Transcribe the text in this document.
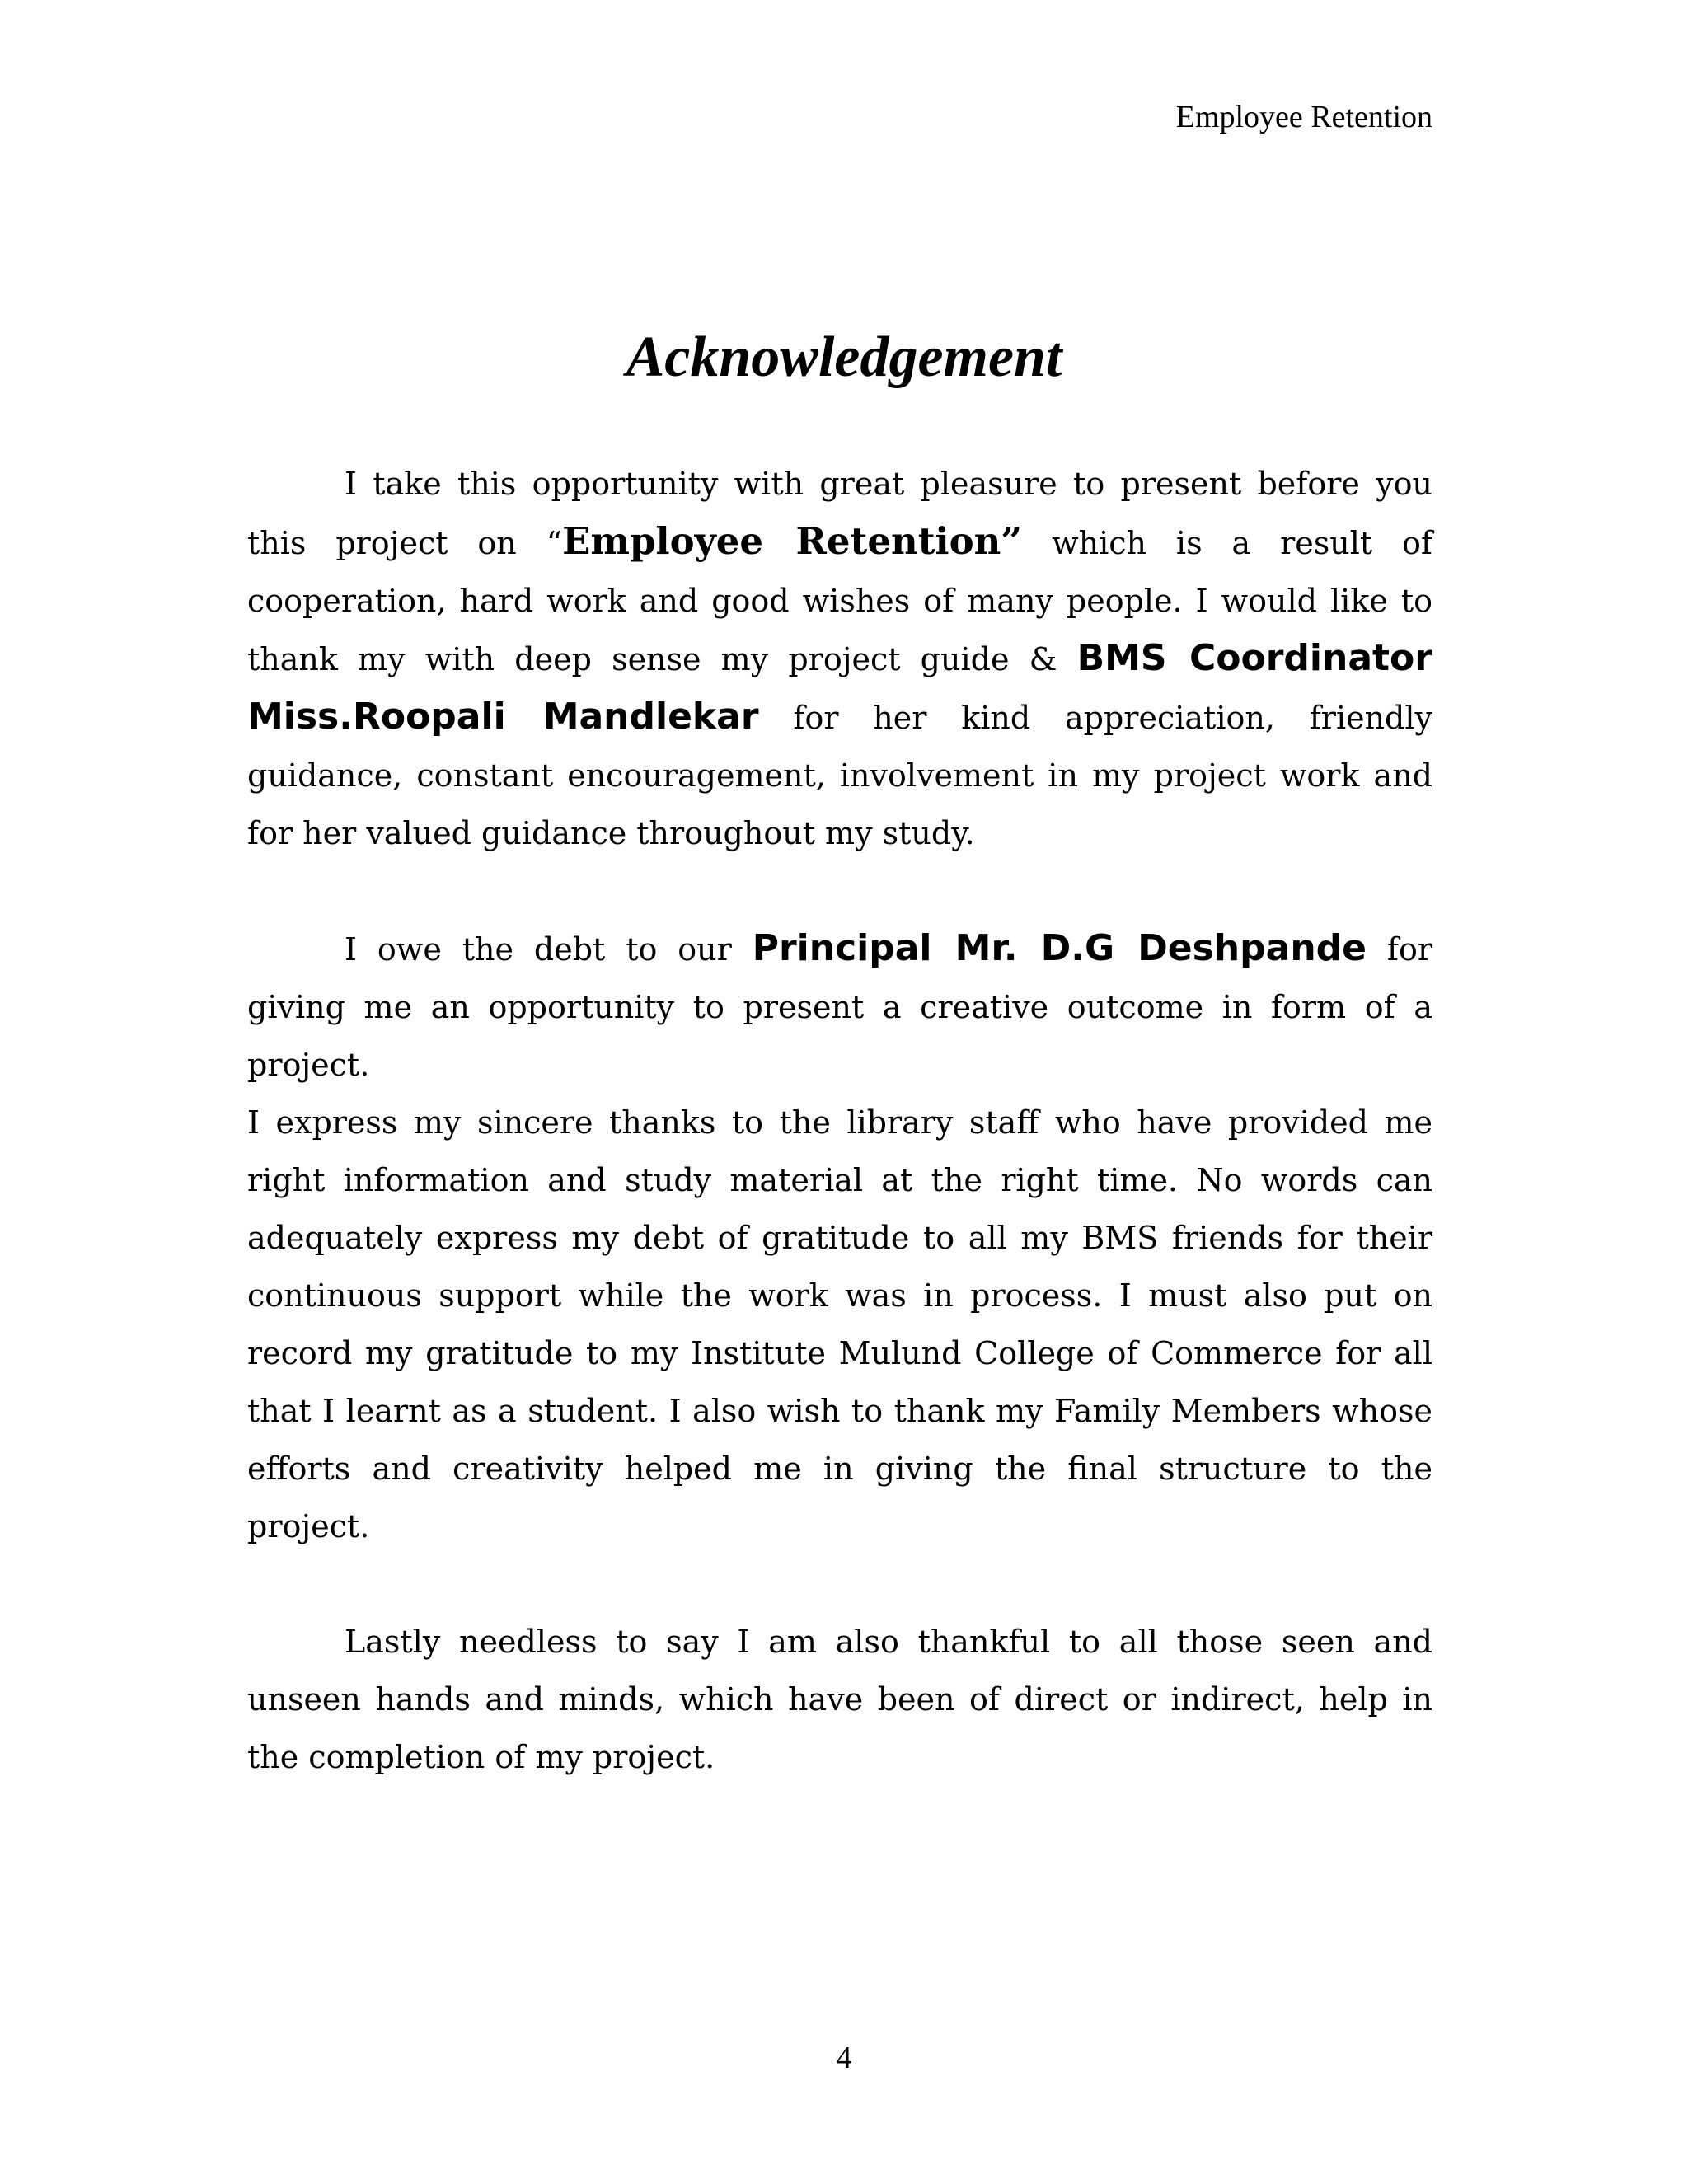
Employee Retention
Acknowledgement

I take this opportunity with great pleasure to present before you this project on “Employee Retention” which is a result of cooperation, hard work and good wishes of many people. I would like to thank my with deep sense my project guide & BMS Coordinator Miss.Roopali Mandlekar for her kind appreciation, friendly guidance, constant encouragement, involvement in my project work and for her valued guidance throughout my study.

I owe the debt to our Principal Mr. D.G Deshpande for giving me an opportunity to present a creative outcome in form of a project.

I express my sincere thanks to the library staff who have provided me right information and study material at the right time. No words can adequately express my debt of gratitude to all my BMS friends for their continuous support while the work was in process. I must also put on record my gratitude to my Institute Mulund College of Commerce for all that I learnt as a student. I also wish to thank my Family Members whose efforts and creativity helped me in giving the final structure to the project.

Lastly needless to say I am also thankful to all those seen and unseen hands and minds, which have been of direct or indirect, help in the completion of my project.

4
